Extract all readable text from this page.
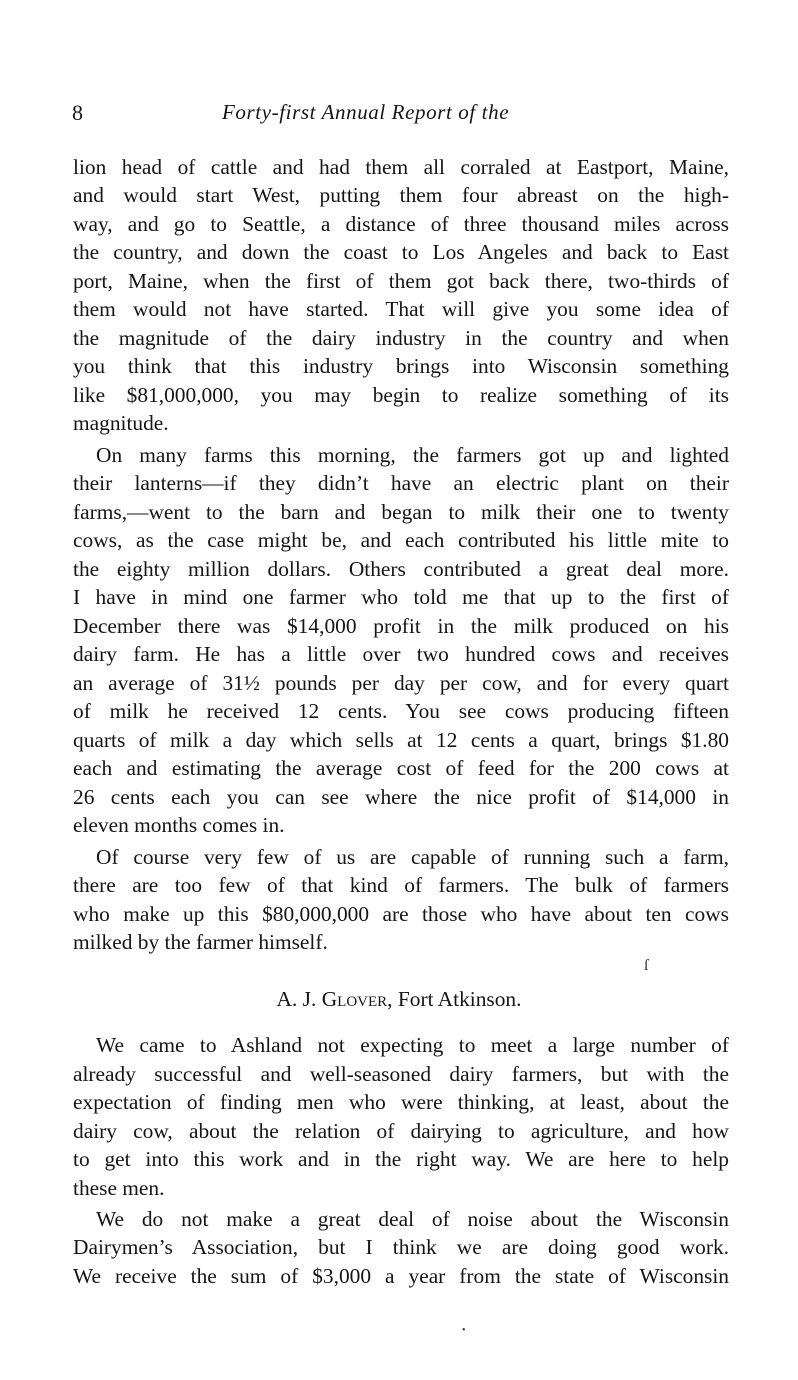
8	Forty-first Annual Report of the
lion head of cattle and had them all corraled at Eastport, Maine,
and would start West, putting them four abreast on the high-
way, and go to Seattle, a distance of three thousand miles across
the country, and down the coast to Los Angeles and back to East
port, Maine, when the first of them got back there, two-thirds of
them would not have started. That will give you some idea of
the magnitude of the dairy industry in the country and when
you think that this industry brings into Wisconsin something
like $81,000,000, you may begin to realize something of its
magnitude.
On many farms this morning, the farmers got up and lighted
their lanterns—if they didn’t have an electric plant on their
farms,—went to the barn and began to milk their one to twenty
cows, as the case might be, and each contributed his little mite to
the eighty million dollars. Others contributed a great deal more.
I have in mind one farmer who told me that up to the first of
December there was $14,000 profit in the milk produced on his
dairy farm. He has a little over two hundred cows and receives
an average of 31½ pounds per day per cow, and for every quart
of milk he received 12 cents. You see cows producing fifteen
quarts of milk a day which sells at 12 cents a quart, brings $1.80
each and estimating the average cost of feed for the 200 cows at
26 cents each you can see where the nice profit of $14,000 in
eleven months comes in.
Of course very few of us are capable of running such a farm,
there are too few of that kind of farmers. The bulk of farmers
who make up this $80,000,000 are those who have about ten cows
milked by the farmer himself.
ſ
A. J. Glover, Fort Atkinson.
We came to Ashland not expecting to meet a large number of
already successful and well-seasoned dairy farmers, but with the
expectation of finding men who were thinking, at least, about the
dairy cow, about the relation of dairying to agriculture, and how
to get into this work and in the right way. We are here to help
these men.
We do not make a great deal of noise about the Wisconsin
Dairymen’s Association, but I think we are doing good work.
We receive the sum of $3,000 a year from the state of Wisconsin
•
